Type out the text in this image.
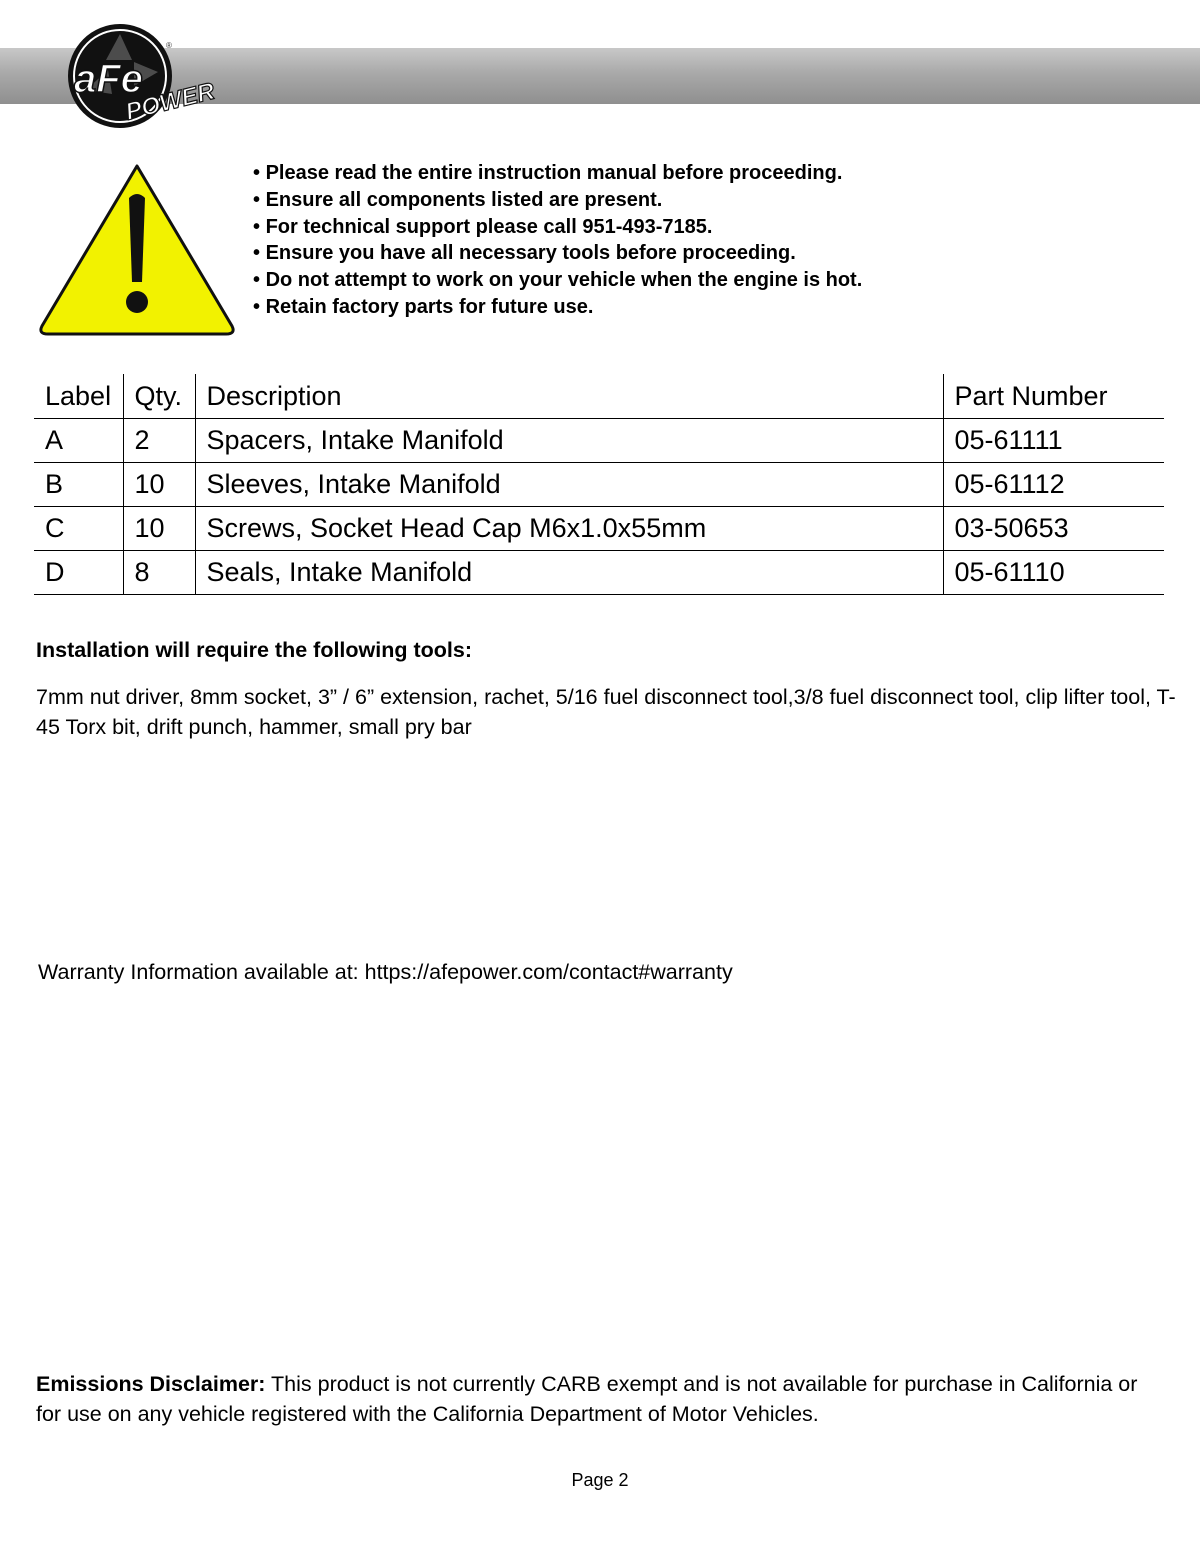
aFe
POWER
®
• Please read the entire instruction manual before proceeding.
• Ensure all components listed are present.
• For technical support please call 951-493-7185.
• Ensure you have all necessary tools before proceeding.
• Do not attempt to work on your vehicle when the engine is hot.
• Retain factory parts for future use.
Label	Qty.	Description	Part Number
A	2	Spacers, Intake Manifold	05-61111
B	10	Sleeves, Intake Manifold	05-61112
C	10	Screws, Socket Head Cap M6x1.0x55mm	03-50653
D	8	Seals, Intake Manifold	05-61110
Installation will require the following tools:
7mm nut driver, 8mm socket, 3” / 6” extension, rachet, 5/16 fuel disconnect tool,3/8 fuel disconnect tool, clip lifter tool, T-45 Torx bit, drift punch, hammer, small pry bar
Warranty Information available at: https://afepower.com/contact#warranty
Emissions Disclaimer: This product is not currently CARB exempt and is not available for purchase in California or for use on any vehicle registered with the California Department of Motor Vehicles.
Page 2
